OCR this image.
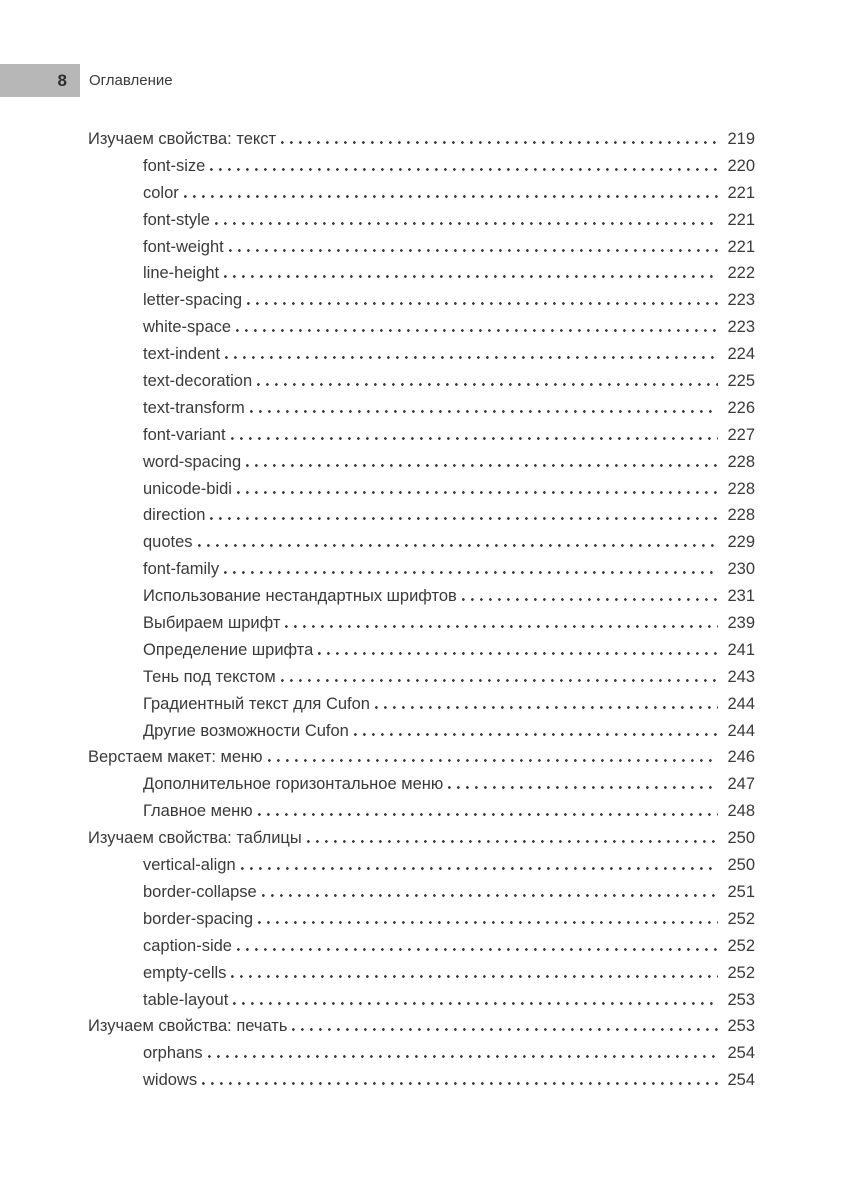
8 Оглавление
Изучаем свойства: текст	219
font-size	220
color	221
font-style	221
font-weight	221
line-height	222
letter-spacing	223
white-space	223
text-indent	224
text-decoration	225
text-transform	226
font-variant	227
word-spacing	228
unicode-bidi	228
direction	228
quotes	229
font-family	230
Использование нестандартных шрифтов	231
Выбираем шрифт	239
Определение шрифта	241
Тень под текстом	243
Градиентный текст для Cufon	244
Другие возможности Cufon	244
Верстаем макет: меню	246
Дополнительное горизонтальное меню	247
Главное меню	248
Изучаем свойства: таблицы	250
vertical-align	250
border-collapse	251
border-spacing	252
caption-side	252
empty-cells	252
table-layout	253
Изучаем свойства: печать	253
orphans	254
widows	254
